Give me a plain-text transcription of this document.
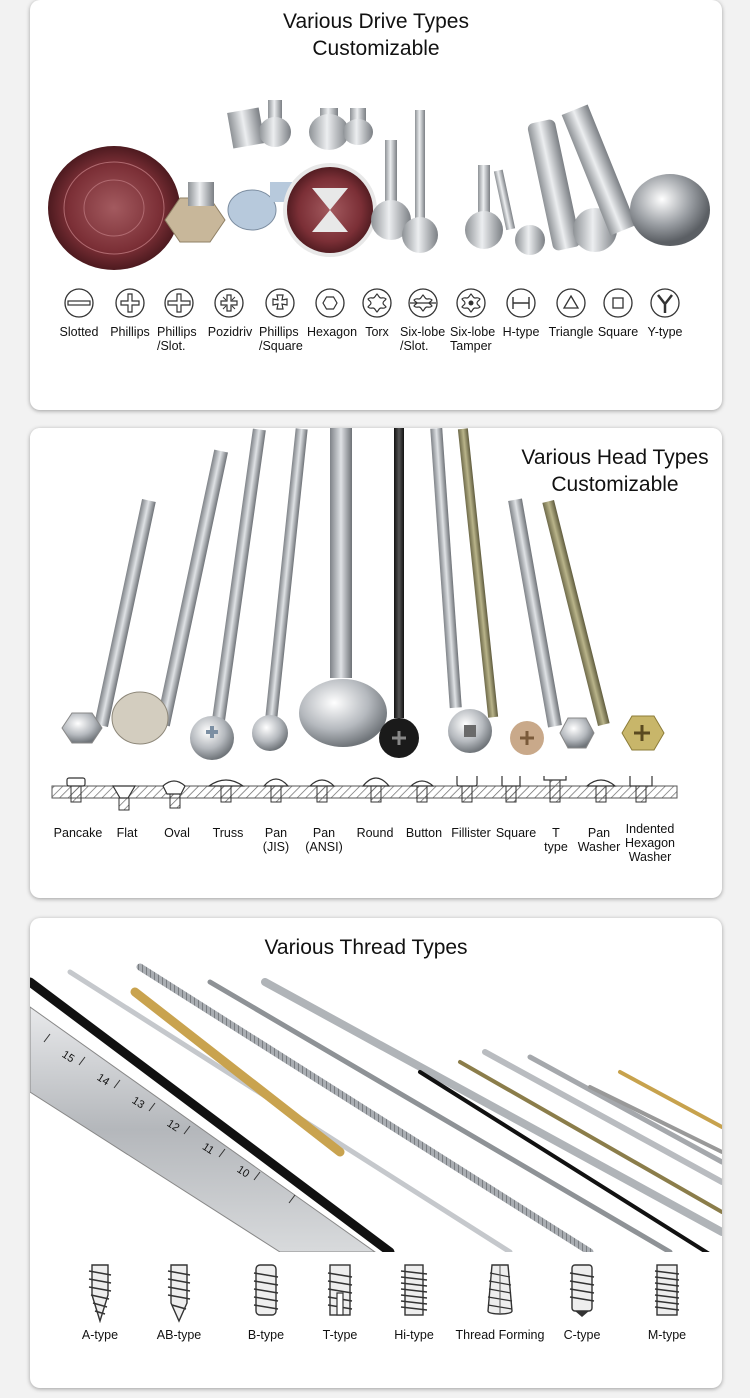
Various Drive Types
Customizable
Slotted Phillips Phillips
/Slot.
Pozidriv Phillips
/Square
Hexagon Torx Six-lobe
/Slot.
Six-lobe
Tamper
H-type Triangle Square Y-type
Various Head Types
Customizable
Pancake	Flat	Oval	Truss	Pan
(JIS)
Pan
(ANSI)
Round	Button Fillister Square	T
type
Pan
Washer
Indented
Hexagon
Washer
Various Thread Types
15
14
13
12
11
10
A-type	AB-type	B-type	T-type	Hi-type	Thread Forming	C-type	M-type
